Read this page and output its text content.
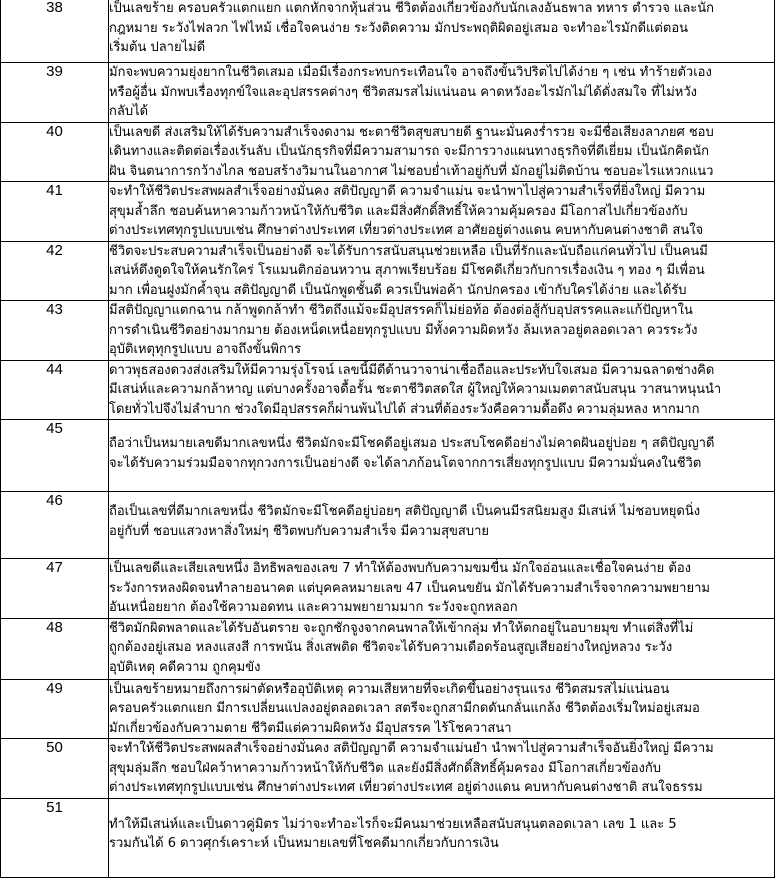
38	เป็นเลขร้าย ครอบครัวแตกแยก แตกหักจากหุ้นส่วน ชีวิตต้องเกี่ยวข้องกับนักเลงอันธพาล ทหาร ตำรวจ และนัก
กฎหมาย ระวังไฟลวก ไฟไหม้ เชื่อใจคนง่าย ระวังติดความ มักประพฤติผิดอยู่เสมอ จะทำอะไรมักดีแต่ตอน
เริ่มต้น ปลายไม่ดี

39	มักจะพบความยุ่งยากในชีวิตเสมอ เมื่อมีเรื่องกระทบกระเทือนใจ อาจถึงขั้นวิปริตไปได้ง่าย ๆ เช่น ทำร้ายตัวเอง
หรือผู้อื่น มักพบเรื่องทุกข์ใจและอุปสรรคต่างๆ ชีวิตสมรสไม่แน่นอน คาดหวังอะไรมักไม่ได้ดั่งสมใจ ที่ไม่หวัง
กลับได้

40	เป็นเลขดี ส่งเสริมให้ได้รับความสำเร็จงดงาม ชะตาชีวิตสุขสบายดี ฐานะมั่นคงร่ำรวย จะมีชื่อเสียงลาภยศ ชอบ
เดินทางและติดต่อเรื่องเร้นลับ เป็นนักธุรกิจที่มีความสามารถ จะมีการวางแผนทางธุรกิจที่ดีเยี่ยม เป็นนักคิดนัก
ฝัน จินตนาการกว้างไกล ชอบสร้างวิมานในอากาศ ไม่ชอบย่ำเท้าอยู่กับที่ มักอยู่ไม่ติดบ้าน ชอบอะไรแหวกแนว

41	จะทำให้ชีวิตประสพผลสำเร็จอย่างมั่นคง สติปัญญาดี ความจำแม่น จะนำพาไปสู่ความสำเร็จที่ยิ่งใหญ่ มีความ
สุขุมล้ำลึก ชอบค้นหาความก้าวหน้าให้กับชีวิต และมีสิ่งศักดิ์สิทธิ์ให้ความคุ้มครอง มีโอกาสไปเกี่ยวข้องกับ
ต่างประเทศทุกรูปแบบเช่น ศึกษาต่างประเทศ เที่ยวต่างประเทศ อาศัยอยู่ต่างแดน คบหากับคนต่างชาติ สนใจ

42	ชีวิตจะประสบความสำเร็จเป็นอย่างดี จะได้รับการสนับสนุนช่วยเหลือ เป็นที่รักและนับถือแก่คนทั่วไป เป็นคนมี
เสน่ห์ดึงดูดใจให้คนรักใคร่ โรแมนติกอ่อนหวาน สุภาพเรียบร้อย มีโชคดีเกี่ยวกับการเรื่องเงิน ๆ ทอง ๆ มีเพื่อน
มาก เพื่อนฝูงมักค้ำจุน สติปัญญาดี เป็นนักพูดชั้นดี ควรเป็นพ่อค้า นักปกครอง เข้ากับใครได้ง่าย และได้รับ

43	มีสติปัญญาแตกฉาน กล้าพูดกล้าทำ ชีวิตถึงแม้จะมีอุปสรรคก็ไม่ย่อท้อ ต้องต่อสู้กับอุปสรรคและแก้ปัญหาใน
การดำเนินชีวิตอย่างมากมาย ต้องเหน็ดเหนื่อยทุกรูปแบบ มีทั้งความผิดหวัง ล้มเหลวอยู่ตลอดเวลา ควรระวัง
อุบัติเหตุทุกรูปแบบ อาจถึงขั้นพิการ

44	ดาวพุธสองดวงส่งเสริมให้มีความรุ่งโรจน์ เลขนี้มีดีด้านวาจาน่าเชื่อถือและประทับใจเสมอ มีความฉลาดช่างคิด
มีเสน่ห์และความกล้าหาญ แต่บางครั้งอาจดื้อรั้น ชะตาชีวิตสดใส ผู้ใหญ่ให้ความเมตตาสนับสนุน วาสนาหนุนนำ
โดยทั่วไปจึงไม่ลำบาก ช่วงใดมีอุปสรรคก็ผ่านพ้นไปได้ ส่วนที่ต้องระวังคือความดื้อดึง ความลุ่มหลง หากมาก

45	ถือว่าเป็นหมายเลขดีมากเลขหนึ่ง ชีวิตมักจะมีโชคดีอยู่เสมอ ประสบโชคดีอย่างไม่คาดฝันอยู่บ่อย ๆ สติปัญญาดี
จะได้รับความร่วมมือจากทุกวงการเป็นอย่างดี จะได้ลาภก้อนโตจากการเสี่ยงทุกรูปแบบ มีความมั่นคงในชีวิต

46	ถือเป็นเลขที่ดีมากเลขหนึ่ง ชีวิตมักจะมีโชคดีอยู่บ่อยๆ สติปัญญาดี เป็นคนมีรสนิยมสูง มีเสน่ห์ ไม่ชอบหยุดนิ่ง
อยู่กับที่ ชอบแสวงหาสิ่งใหม่ๆ ชีวิตพบกับความสำเร็จ มีความสุขสบาย

47	เป็นเลขดีและเสียเลขหนึ่ง อิทธิพลของเลข 7 ทำให้ต้องพบกับความขมขื่น มักใจอ่อนและเชื่อใจคนง่าย ต้อง
ระวังการหลงผิดจนทำลายอนาคต แต่บุคคลหมายเลข 47 เป็นคนขยัน มักได้รับความสำเร็จจากความพยายาม
อันเหนื่อยยาก ต้องใช้ความอดทน และความพยายามมาก ระวังจะถูกหลอก

48	ชีวิตมักผิดพลาดและได้รับอันตราย จะถูกชักจูงจากคนพาลให้เข้ากลุ่ม ทำให้ตกอยู่ในอบายมุข ทำแต่สิ่งที่ไม่
ถูกต้องอยู่เสมอ หลงแสงสี การพนัน สิ่งเสพติด ชีวิตจะได้รับความเดือดร้อนสูญเสียอย่างใหญ่หลวง ระวัง
อุบัติเหตุ คดีความ ถูกคุมขัง

49	เป็นเลขร้ายหมายถึงการผ่าตัดหรืออุบัติเหตุ ความเสียหายที่จะเกิดขึ้นอย่างรุนแรง ชีวิตสมรสไม่แน่นอน
ครอบครัวแตกแยก มีการเปลี่ยนแปลงอยู่ตลอดเวลา สตรีจะถูกสามีกดดันกลั่นแกล้ง ชีวิตต้องเริ่มใหม่อยู่เสมอ
มักเกี่ยวข้องกับความตาย ชีวิตมีแต่ความผิดหวัง มีอุปสรรค ไร้โชควาสนา

50	จะทำให้ชีวิตประสพผลสำเร็จอย่างมั่นคง สติปัญญาดี ความจำแม่นยำ นำพาไปสู่ความสำเร็จอันยิ่งใหญ่ มีความ
สุขุมลุ่มลึก ชอบใฝ่คว้าหาความก้าวหน้าให้กับชีวิต และยังมีสิ่งศักดิ์สิทธิ์คุ้มครอง มีโอกาสเกี่ยวข้องกับ
ต่างประเทศทุกรูปแบบเช่น ศึกษาต่างประเทศ เที่ยวต่างประเทศ อยู่ต่างแดน คบหากับคนต่างชาติ สนใจธรรม

51	ทำให้มีเสน่ห์และเป็นดาวคู่มิตร ไม่ว่าจะทำอะไรก็จะมีคนมาช่วยเหลือสนับสนุนตลอดเวลา เลข 1 และ 5
รวมกันได้ 6 ดาวศุกร์เคราะห์ เป็นหมายเลขที่โชคดีมากเกี่ยวกับการเงิน
